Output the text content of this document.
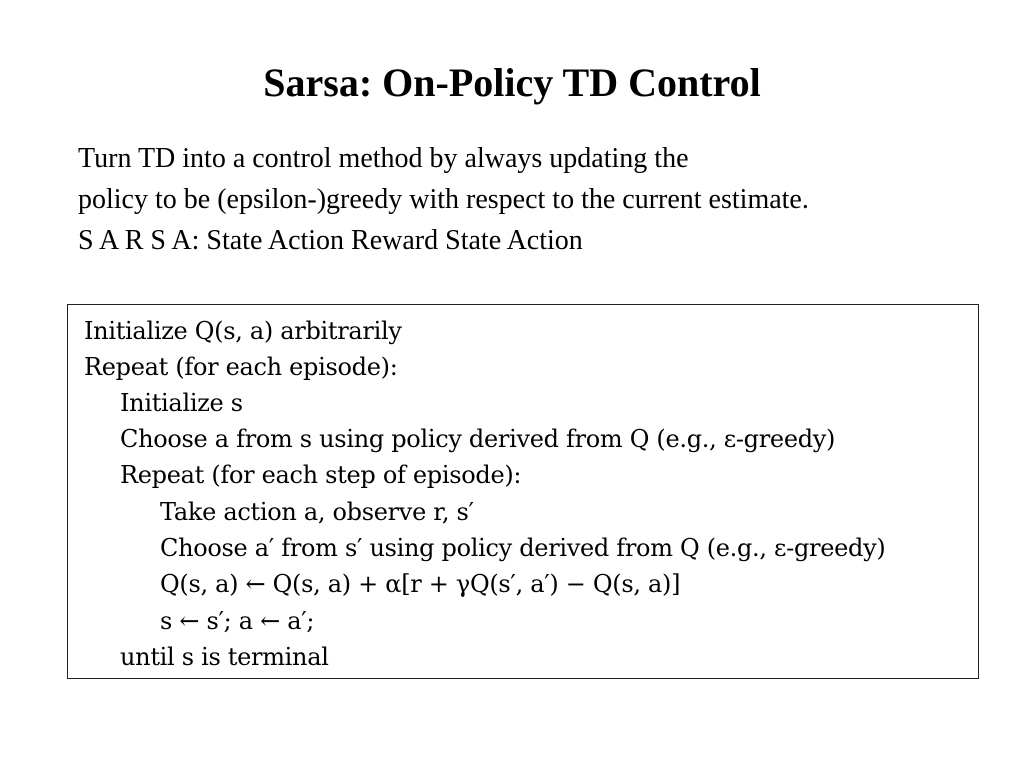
Sarsa: On-Policy TD Control
Turn TD into a control method by always updating the
policy to be (epsilon-)greedy with respect to the current estimate.
S A R S A: State Action Reward State Action
Initialize Q(s, a) arbitrarily
Repeat (for each episode):
Initialize s
Choose a from s using policy derived from Q (e.g., ε-greedy)
Repeat (for each step of episode):
Take action a, observe r, s′
Choose a′ from s′ using policy derived from Q (e.g., ε-greedy)
Q(s, a) ← Q(s, a) + α[r + γQ(s′, a′) − Q(s, a)]
s ← s′; a ← a′;
until s is terminal
